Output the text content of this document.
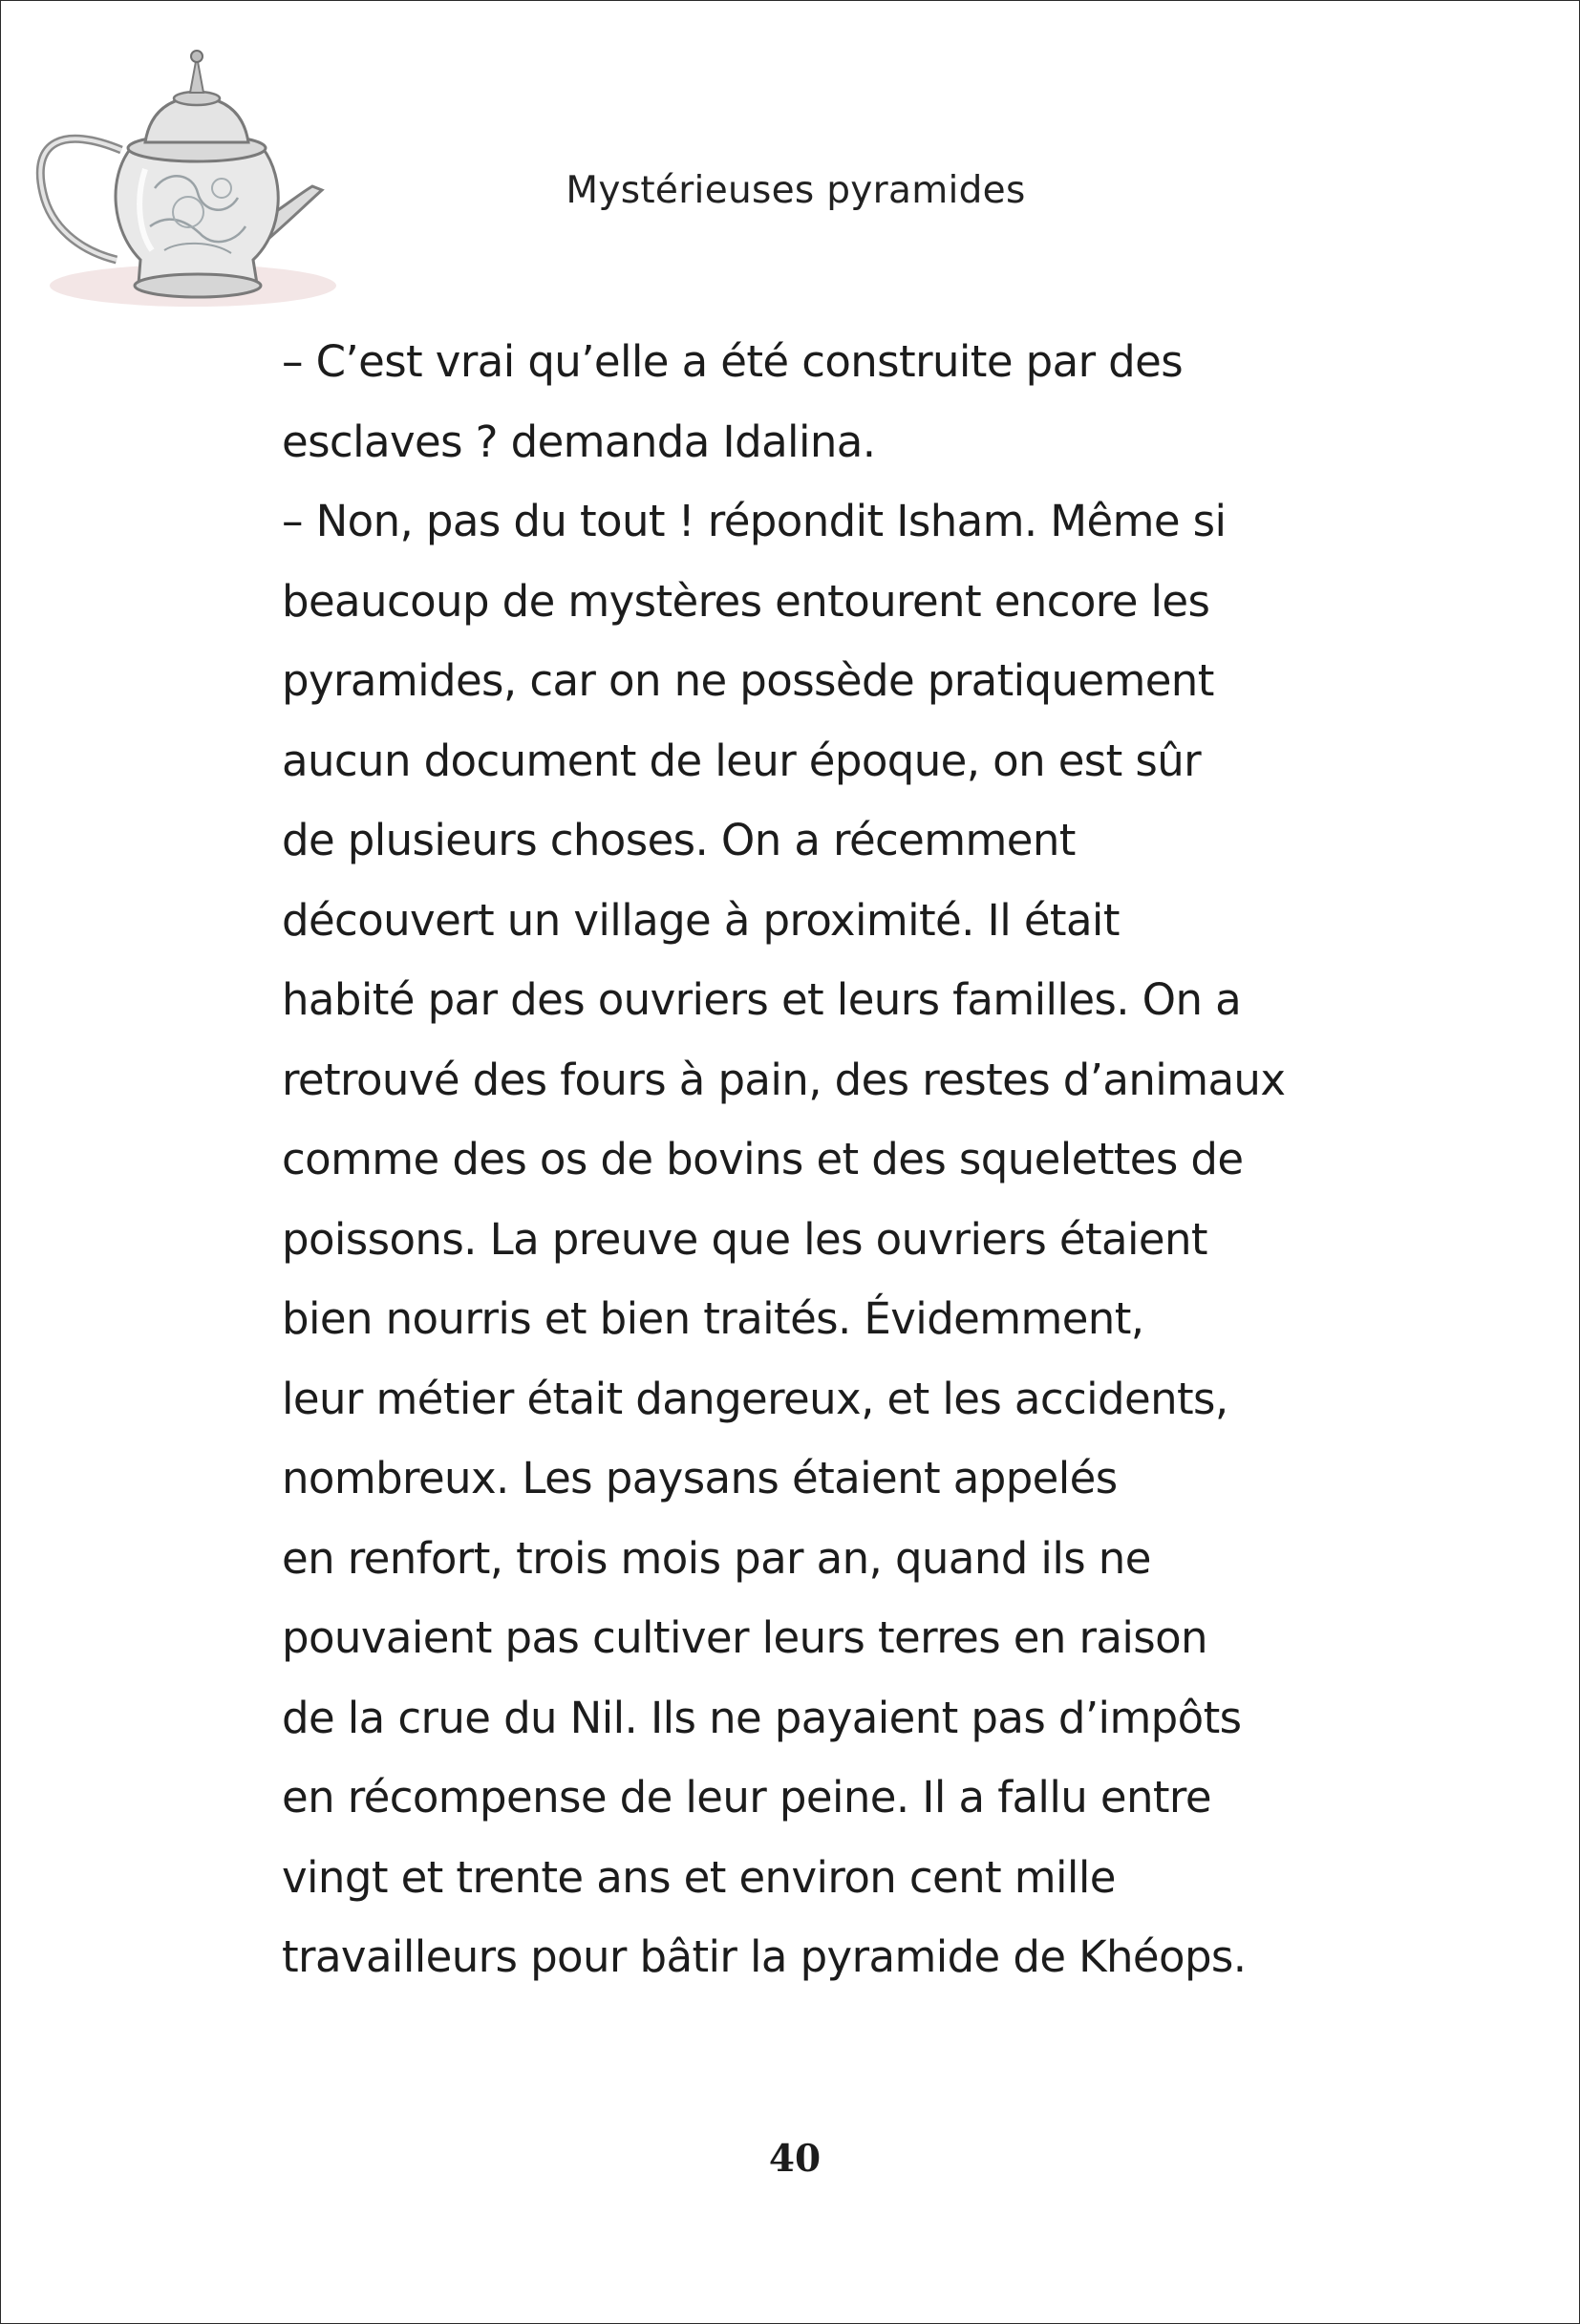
Mystérieuses pyramides

– C’est vrai qu’elle a été construite par des
esclaves ? demanda Idalina.
– Non, pas du tout ! répondit Isham. Même si
beaucoup de mystères entourent encore les
pyramides, car on ne possède pratiquement
aucun document de leur époque, on est sûr
de plusieurs choses. On a récemment
découvert un village à proximité. Il était
habité par des ouvriers et leurs familles. On a
retrouvé des fours à pain, des restes d’animaux
comme des os de bovins et des squelettes de
poissons. La preuve que les ouvriers étaient
bien nourris et bien traités. Évidemment,
leur métier était dangereux, et les accidents,
nombreux. Les paysans étaient appelés
en renfort, trois mois par an, quand ils ne
pouvaient pas cultiver leurs terres en raison
de la crue du Nil. Ils ne payaient pas d’impôts
en récompense de leur peine. Il a fallu entre
vingt et trente ans et environ cent mille
travailleurs pour bâtir la pyramide de Khéops.

40
